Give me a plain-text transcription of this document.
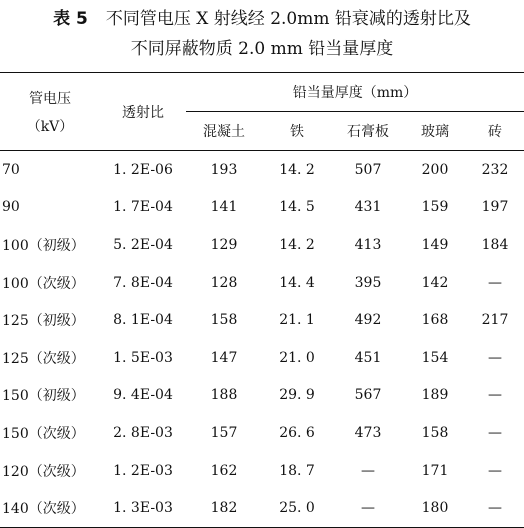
表 5 不同管电压 X 射线经 2.0mm 铅衰减的透射比及
不同屏蔽物质 2.0 mm 铅当量厚度
管电压
（kV）	透射比	铅当量厚度（mm）				
		混凝土	铁	石膏板	玻璃	砖
70	1. 2E-06	193	14. 2	507	200	232
90	1. 7E-04	141	14. 5	431	159	197
100（初级）	5. 2E-04	129	14. 2	413	149	184
100（次级）	7. 8E-04	128	14. 4	395	142	—
125（初级）	8. 1E-04	158	21. 1	492	168	217
125（次级）	1. 5E-03	147	21. 0	451	154	—
150（初级）	9. 4E-04	188	29. 9	567	189	—
150（次级）	2. 8E-03	157	26. 6	473	158	—
120（次级）	1. 2E-03	162	18. 7	—	171	—
140（次级）	1. 3E-03	182	25. 0	—	180	—
